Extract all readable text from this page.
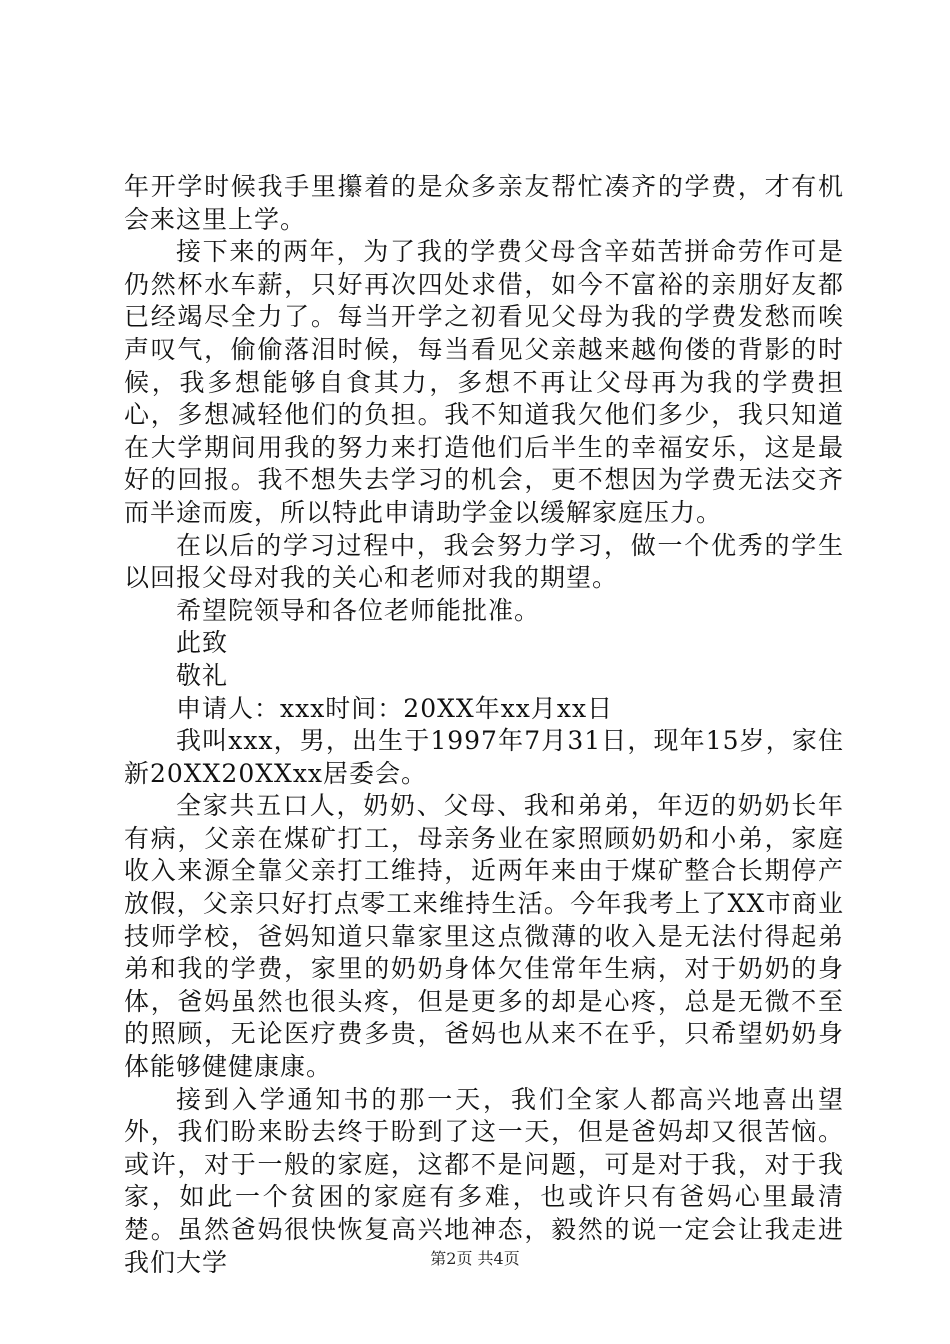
年开学时候我手里攥着的是众多亲友帮忙凑齐的学费，才有机会来这里上学。

接下来的两年，为了我的学费父母含辛茹苦拼命劳作可是仍然杯水车薪，只好再次四处求借，如今不富裕的亲朋好友都已经竭尽全力了。每当开学之初看见父母为我的学费发愁而唉声叹气，偷偷落泪时候，每当看见父亲越来越佝偻的背影的时候，我多想能够自食其力，多想不再让父母再为我的学费担心，多想减轻他们的负担。我不知道我欠他们多少，我只知道在大学期间用我的努力来打造他们后半生的幸福安乐，这是最好的回报。我不想失去学习的机会，更不想因为学费无法交齐而半途而废，所以特此申请助学金以缓解家庭压力。

在以后的学习过程中，我会努力学习，做一个优秀的学生以回报父母对我的关心和老师对我的期望。

希望院领导和各位老师能批准。

此致

敬礼

申请人：xxx时间：20XX年xx月xx日

我叫xxx，男，出生于1997年7月31日，现年15岁，家住新20XX20XXxx居委会。

全家共五口人，奶奶、父母、我和弟弟，年迈的奶奶长年有病，父亲在煤矿打工，母亲务业在家照顾奶奶和小弟，家庭收入来源全靠父亲打工维持，近两年来由于煤矿整合长期停产放假，父亲只好打点零工来维持生活。今年我考上了XX市商业技师学校，爸妈知道只靠家里这点微薄的收入是无法付得起弟弟和我的学费，家里的奶奶身体欠佳常年生病，对于奶奶的身体，爸妈虽然也很头疼，但是更多的却是心疼，总是无微不至的照顾，无论医疗费多贵，爸妈也从来不在乎，只希望奶奶身体能够健健康康。

接到入学通知书的那一天，我们全家人都高兴地喜出望外，我们盼来盼去终于盼到了这一天，但是爸妈却又很苦恼。或许，对于一般的家庭，这都不是问题，可是对于我，对于我家，如此一个贫困的家庭有多难，也或许只有爸妈心里最清楚。虽然爸妈很快恢复高兴地神态，毅然的说一定会让我走进我们大学	第2页 共4页
